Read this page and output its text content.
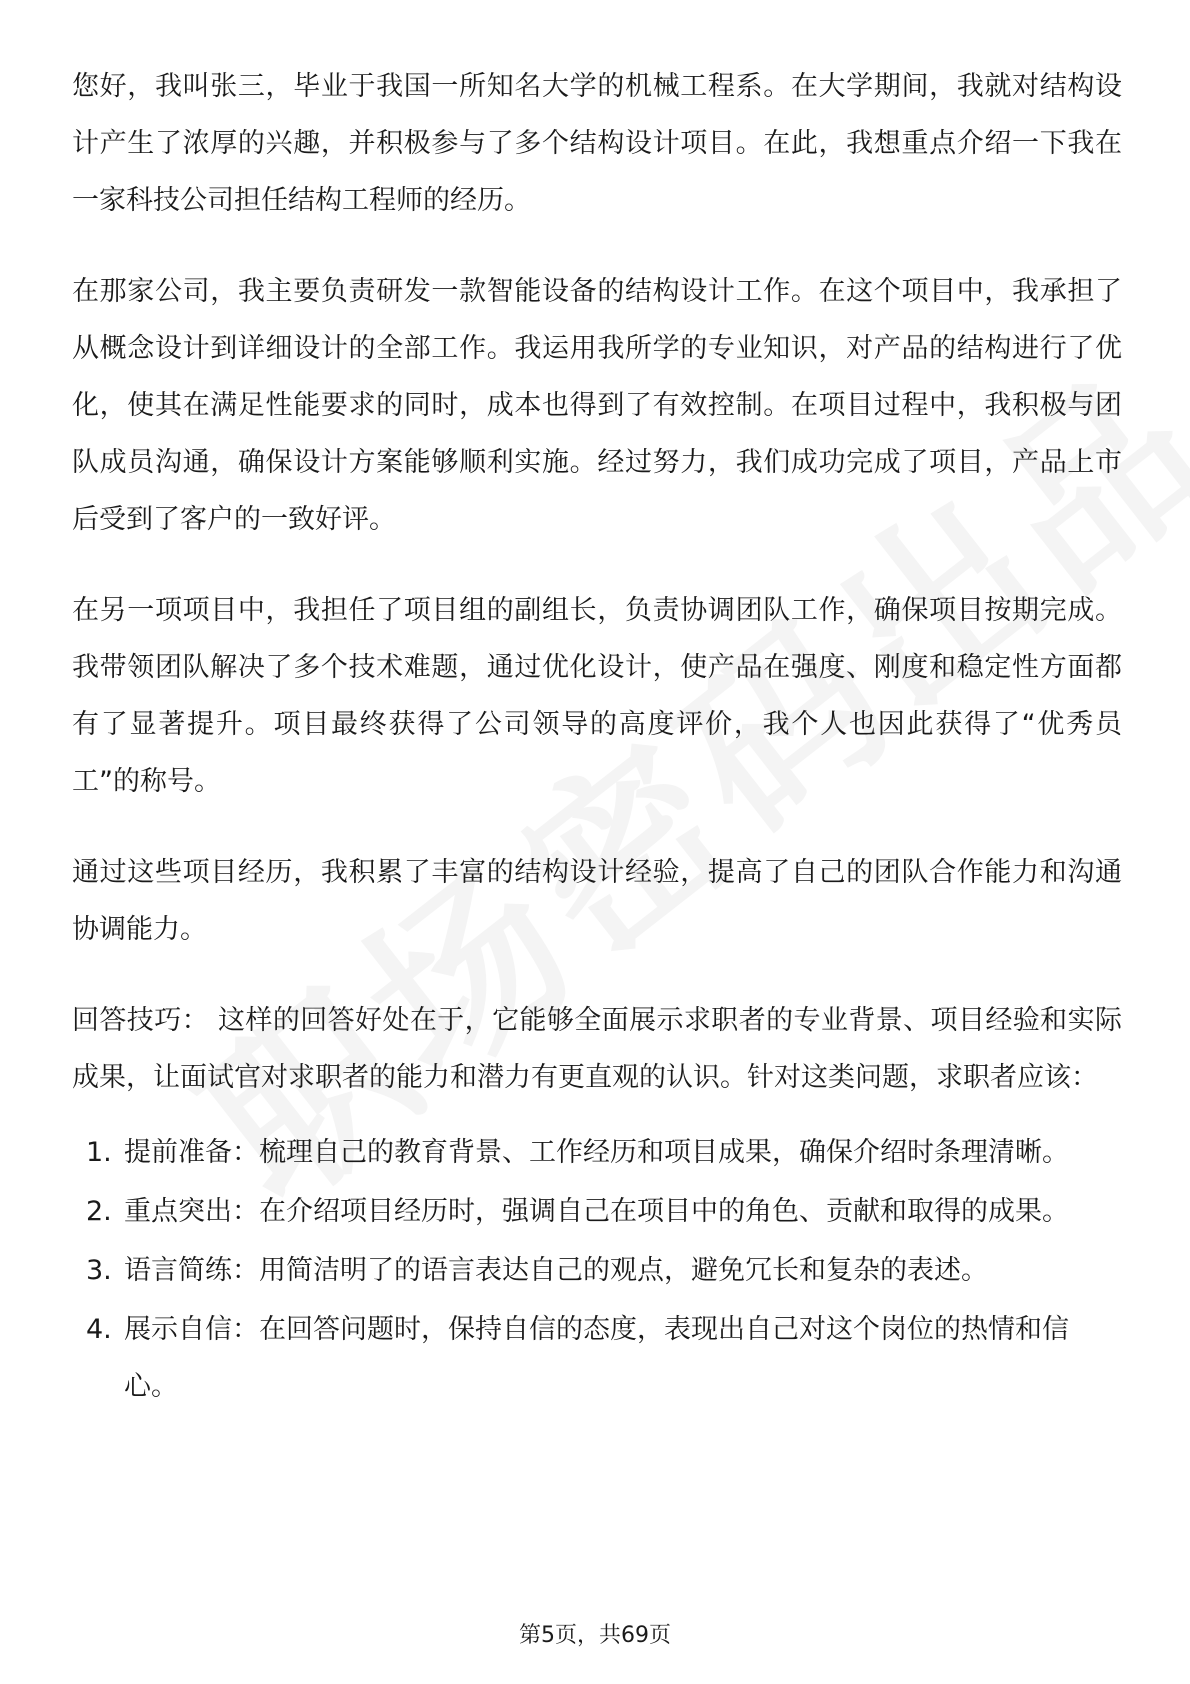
您好，我叫张三，毕业于我国一所知名大学的机械工程系。在大学期间，我就对结构设计产生了浓厚的兴趣，并积极参与了多个结构设计项目。在此，我想重点介绍一下我在一家科技公司担任结构工程师的经历。

在那家公司，我主要负责研发一款智能设备的结构设计工作。在这个项目中，我承担了从概念设计到详细设计的全部工作。我运用我所学的专业知识，对产品的结构进行了优化，使其在满足性能要求的同时，成本也得到了有效控制。在项目过程中，我积极与团队成员沟通，确保设计方案能够顺利实施。经过努力，我们成功完成了项目，产品上市后受到了客户的一致好评。

在另一项项目中，我担任了项目组的副组长，负责协调团队工作，确保项目按期完成。我带领团队解决了多个技术难题，通过优化设计，使产品在强度、刚度和稳定性方面都有了显著提升。项目最终获得了公司领导的高度评价，我个人也因此获得了“优秀员工”的称号。

通过这些项目经历，我积累了丰富的结构设计经验，提高了自己的团队合作能力和沟通协调能力。

回答技巧： 这样的回答好处在于，它能够全面展示求职者的专业背景、项目经验和实际成果，让面试官对求职者的能力和潜力有更直观的认识。针对这类问题，求职者应该：

1. 提前准备：梳理自己的教育背景、工作经历和项目成果，确保介绍时条理清晰。
2. 重点突出：在介绍项目经历时，强调自己在项目中的角色、贡献和取得的成果。
3. 语言简练：用简洁明了的语言表达自己的观点，避免冗长和复杂的表述。
4. 展示自信：在回答问题时，保持自信的态度，表现出自己对这个岗位的热情和信心。
第5页，共69页
